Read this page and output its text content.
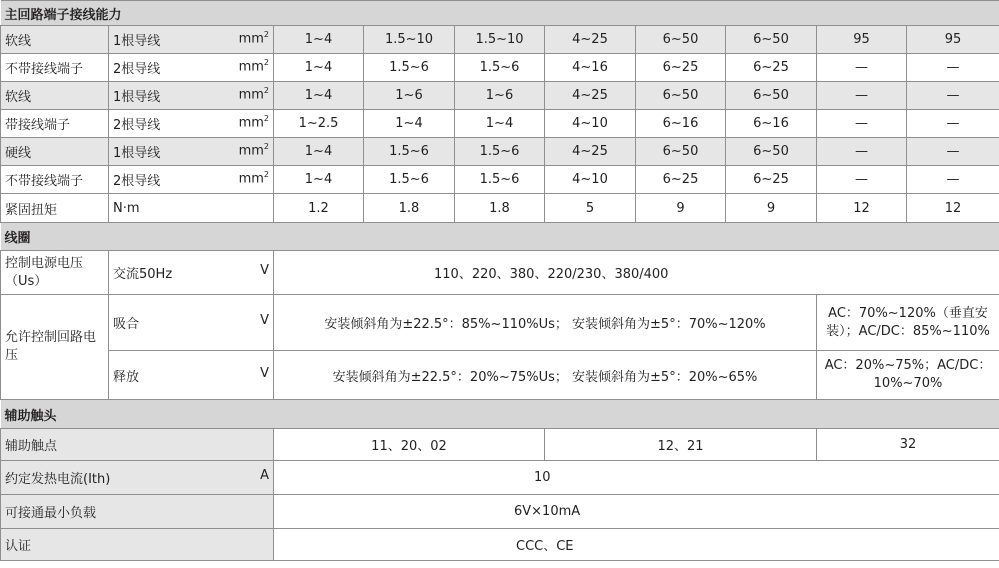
主回路端子接线能力									
软线	1根导线 $mm^2$	1~4	1.5~10	1.5~10	4~25	6~50	6~50	95	95
不带接线端子	2根导线 $mm^2$	1~4	1.5~6	1.5~6	4~16	6~25	6~25	—	—
软线	1根导线 $mm^2$	1~4	1~6	1~6	4~25	6~50	6~50	—	—
带接线端子	2根导线 $mm^2$	1~2.5	1~4	1~4	4~10	6~16	6~16	—	—
硬线	1根导线 $mm^2$	1~4	1.5~6	1.5~6	4~25	6~50	6~50	—	—
不带接线端子	2根导线 $mm^2$	1~4	1.5~6	1.5~6	4~10	6~25	6~25	—	—
紧固扭矩	N·m	1.2	1.8	1.8	5	9	9	12	12
线圈									
控制电源电压（Us）	交流50Hz V	110、220、380、220/230、380/400							
允许控制回路电压	吸合 V	安装倾斜角为±22.5°：85%~110%Us； 安装倾斜角为±5°：70%~120%						AC：70%~120%（垂直安装）；AC/DC：85%~110%	
	释放 V	安装倾斜角为±22.5°：20%~75%Us； 安装倾斜角为±5°：20%~65%						AC：20%~75%；AC/DC：10%~70%	
辅助触头									
辅助触点		11、20、02			12、21			32	
约定发热电流(Ith) A		10							
可接通最小负载		6V×10mA							
认证		CCC、CE							
